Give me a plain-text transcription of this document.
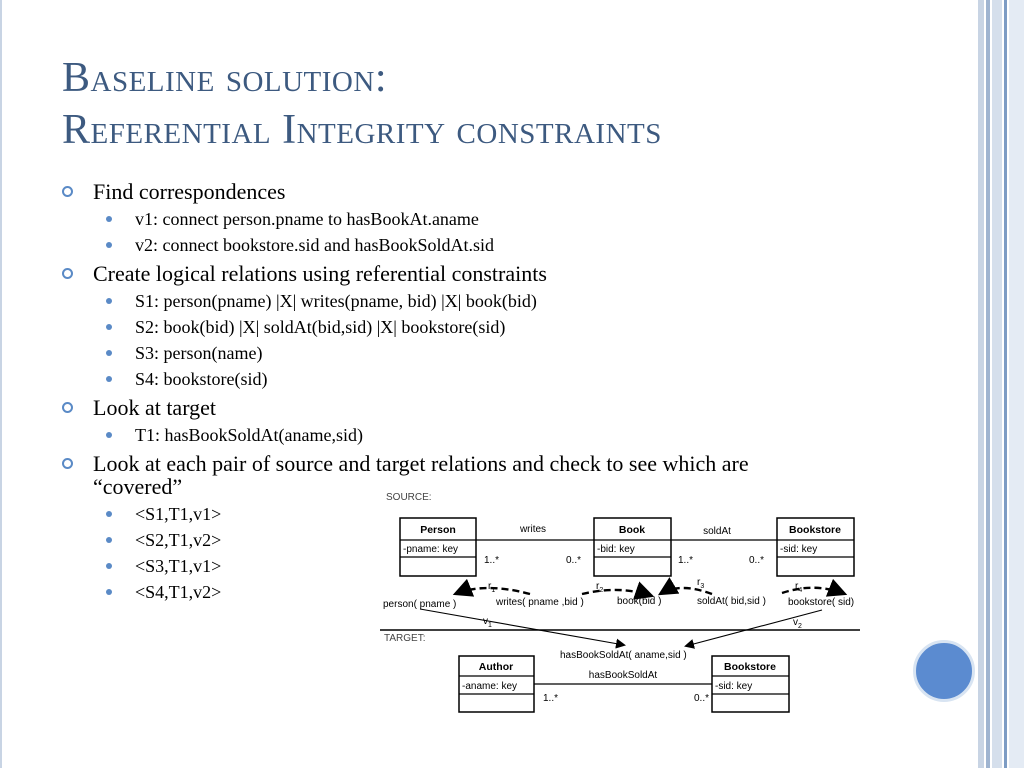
Baseline solution:
Referential Integrity constraints
Find correspondences
v1: connect person.pname to hasBookAt.aname
v2: connect bookstore.sid and hasBookSoldAt.sid
Create logical relations using referential constraints
S1: person(pname) |X| writes(pname, bid) |X| book(bid)
S2: book(bid) |X| soldAt(bid,sid) |X| bookstore(sid)
S3: person(name)
S4: bookstore(sid)
Look at target
T1: hasBookSoldAt(aname,sid)
Look at each pair of source and target relations and check to see which are “covered”
<S1,T1,v1>
<S2,T1,v2>
<S3,T1,v1>
<S4,T1,v2>
SOURCE:
Person
-pname: key
Book
-bid: key
Bookstore
-sid: key
writes
1..*	0..*
soldAt
1..*	0..*
$r_1$	$r_2$
$r_3$	$r_4$
person( pname )	writes( pname ,bid )	book(bid )	soldAt( bid,sid ) bookstore( sid)
$v_1$	$v_2$
TARGET:
hasBookSoldAt( aname,sid )
Author
-aname: key
Bookstore
-sid: key
hasBookSoldAt
1..*	0..*
